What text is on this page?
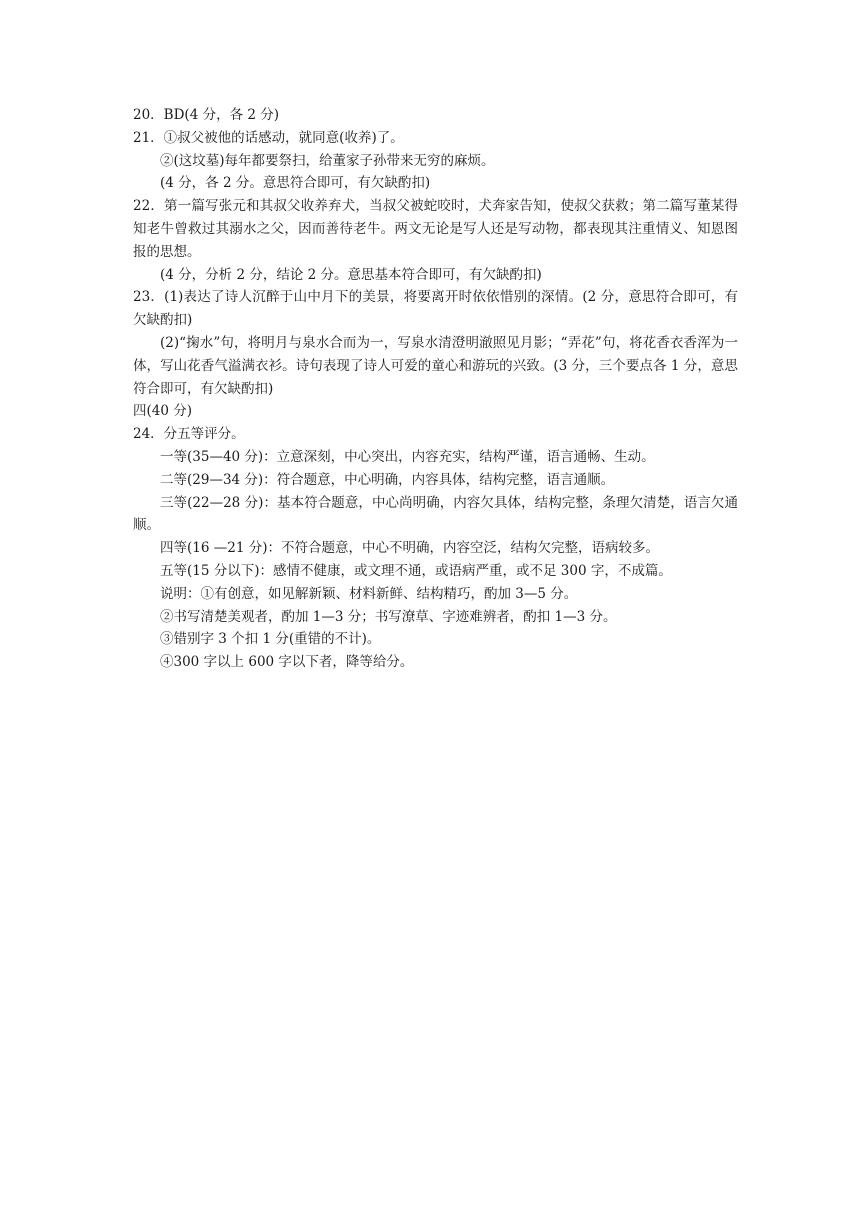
20．BD(4 分，各 2 分)
21．①叔父被他的话感动，就同意(收养)了。
②(这坟墓)每年都要祭扫，给董家子孙带来无穷的麻烦。
(4 分，各 2 分。意思符合即可，有欠缺酌扣)
22．第一篇写张元和其叔父收养弃犬，当叔父被蛇咬时，犬奔家告知，使叔父获救；第二篇写董某得知老牛曾救过其溺水之父，因而善待老牛。两文无论是写人还是写动物，都表现其注重情义、知恩图报的思想。
(4 分，分析 2 分，结论 2 分。意思基本符合即可，有欠缺酌扣)
23．(1)表达了诗人沉醉于山中月下的美景，将要离开时依依惜别的深情。(2 分，意思符合即可，有欠缺酌扣)
(2)“掬水”句，将明月与泉水合而为一，写泉水清澄明澈照见月影；“弄花”句，将花香衣香浑为一体，写山花香气溢满衣衫。诗句表现了诗人可爱的童心和游玩的兴致。(3 分，三个要点各 1 分，意思符合即可，有欠缺酌扣)
四(40 分)
24．分五等评分。
一等(35—40 分)：立意深刻，中心突出，内容充实，结构严谨，语言通畅、生动。
二等(29—34 分)：符合题意，中心明确，内容具体，结构完整，语言通顺。
三等(22—28 分)：基本符合题意，中心尚明确，内容欠具体，结构完整，条理欠清楚，语言欠通顺。
四等(16 —21 分)：不符合题意，中心不明确，内容空泛，结构欠完整，语病较多。
五等(15 分以下)：感情不健康，或文理不通，或语病严重，或不足 300 字，不成篇。
说明：①有创意，如见解新颖、材料新鲜、结构精巧，酌加 3—5 分。
②书写清楚美观者，酌加 1—3 分；书写潦草、字迹难辨者，酌扣 1—3 分。
③错别字 3 个扣 1 分(重错的不计)。
④300 字以上 600 字以下者，降等给分。
